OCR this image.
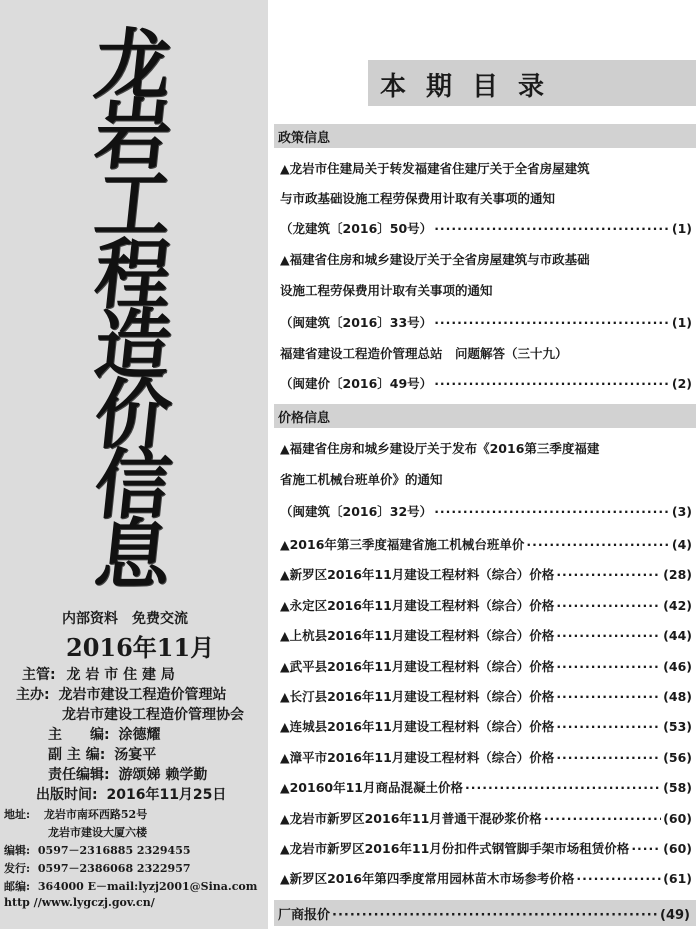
龙
岩
工
程
造
价
信
息
内部资料　免费交流
2016年11月
主管: 龙 岩 市 住 建 局
主办: 龙岩市建设工程造价管理站
龙岩市建设工程造价管理协会
主　　编: 涂德耀
副 主 编: 汤宴平
责任编辑: 游颂娣 赖学勤
出版时间: 2016年11月25日
地址: 龙岩市南环西路52号
龙岩市建设大厦六楼
编辑: 0597－2316885 2329455
发行: 0597－2386068 2322957
邮编: 364000 E－mail:lyzj2001@Sina.com
http //www.lygczj.gov.cn/
本期目录
政策信息
▲龙岩市住建局关于转发福建省住建厅关于全省房屋建筑
与市政基础设施工程劳保费用计取有关事项的通知
（龙建筑〔2016〕50号） ·····	(1)
▲福建省住房和城乡建设厅关于全省房屋建筑与市政基础
设施工程劳保费用计取有关事项的通知
（闽建筑〔2016〕33号） ·····	(1)
福建省建设工程造价管理总站　问题解答（三十九）
（闽建价〔2016〕49号） ·····	(2)
价格信息
▲福建省住房和城乡建设厅关于发布《2016第三季度福建
省施工机械台班单价》的通知
（闽建筑〔2016〕32号） ·····	(3)
▲2016年第三季度福建省施工机械台班单价 ·····	(4)
▲新罗区2016年11月建设工程材料（综合）价格 ·····	(28)
▲永定区2016年11月建设工程材料（综合）价格 ·····	(42)
▲上杭县2016年11月建设工程材料（综合）价格 ·····	(44)
▲武平县2016年11月建设工程材料（综合）价格 ·····	(46)
▲长汀县2016年11月建设工程材料（综合）价格 ·····	(48)
▲连城县2016年11月建设工程材料（综合）价格 ·····	(53)
▲漳平市2016年11月建设工程材料（综合）价格 ·····	(56)
▲20160年11月商品混凝土价格 ·····	(58)
▲龙岩市新罗区2016年11月普通干混砂浆价格 ·····	(60)
▲龙岩市新罗区2016年11月份扣件式钢管脚手架市场租赁价格 ·····	(60)
▲新罗区2016年第四季度常用园林苗木市场参考价格 ·····	(61)
厂商报价 ·····	(49)
